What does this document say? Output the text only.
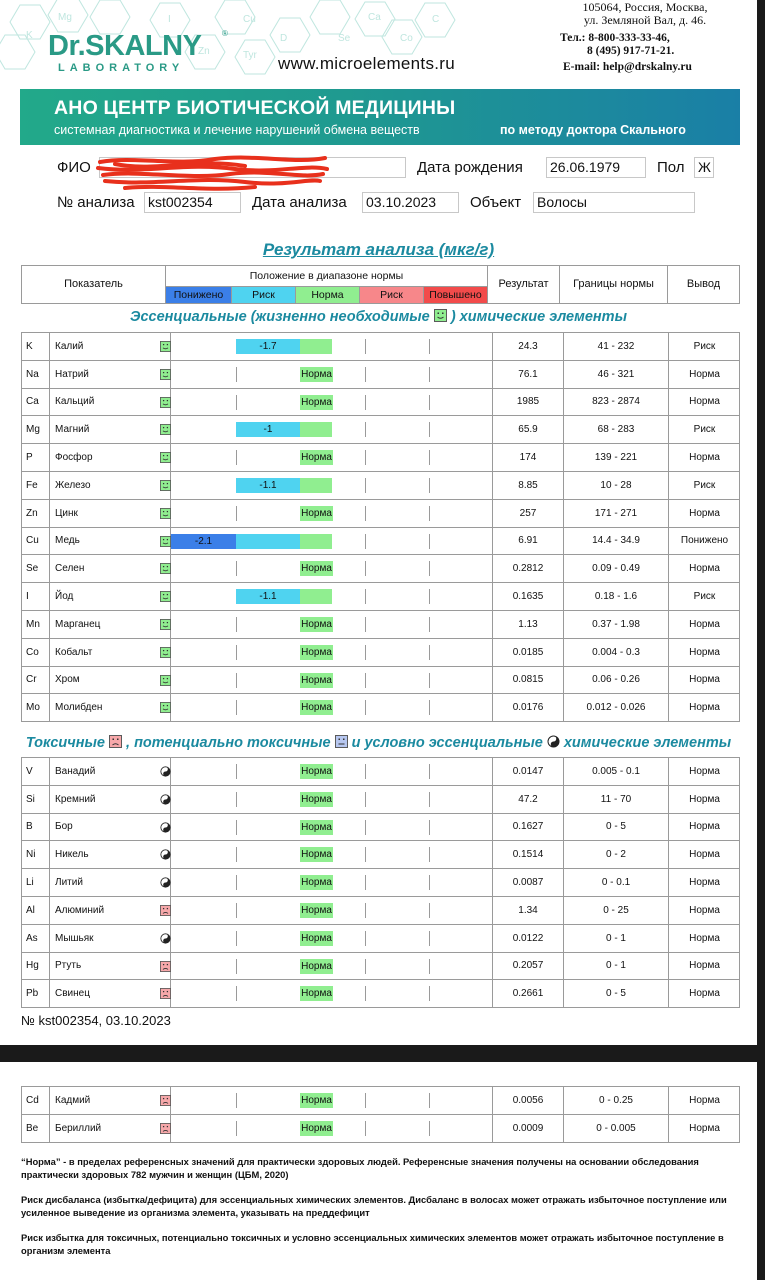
Mg	I	Cu
K
Tyr
Se
Ca
Co
Zn
D
C
Dr.SKALNY	®
LABORATORY	www.microelements.ru
105064, Россия, Москва,
ул. Земляной Вал, д. 46.
Тел.: 8-800-333-33-46,
8 (495) 917-71-21.
E-mail: help@drskalny.ru
АНО ЦЕНТР БИОТИЧЕСКОЙ МЕДИЦИНЫ
системная диагностика и лечение нарушений обмена веществ	по методу доктора Скального
ФИО	Дата рождения 26.06.1979	Пол Ж
№ анализа kst002354	Дата анализа 03.10.2023	Объект Волосы
Результат анализа (мкг/г)
Показатель
Положение в диапазоне нормы
Понижено	Риск	Норма	Риск	Повышено
Результат	Границы нормы	Вывод
Эссенциальные (жизненно необходимые ) химические элементы
K	Калий	-1.7	24.3	41 - 232	Риск
Na	Натрий	Норма	76.1	46 - 321	Норма
Ca	Кальций	Норма	1985	823 - 2874	Норма
Mg	Магний	-1	65.9	68 - 283	Риск
P	Фосфор	Норма	174	139 - 221	Норма
Fe	Железо	-1.1	8.85	10 - 28	Риск
Zn	Цинк	Норма	257	171 - 271	Норма
Cu	Медь	-2.1	6.91	14.4 - 34.9	Понижено
Se	Селен	Норма	0.2812	0.09 - 0.49	Норма
I	Йод	-1.1	0.1635	0.18 - 1.6	Риск
Mn	Марганец	Норма	1.13	0.37 - 1.98	Норма
Co	Кобальт	Норма	0.0185	0.004 - 0.3	Норма
Cr	Хром	Норма	0.0815	0.06 - 0.26	Норма
Mo	Молибден	Норма	0.0176	0.012 - 0.026	Норма
Токсичные , потенциально токсичные и условно эссенциальные химические элементы
V	Ванадий	Норма	0.0147	0.005 - 0.1	Норма
Si	Кремний	Норма	47.2	11 - 70	Норма
B	Бор	Норма	0.1627	0 - 5	Норма
Ni	Никель	Норма	0.1514	0 - 2	Норма
Li	Литий	Норма	0.0087	0 - 0.1	Норма
Al	Алюминий	Норма	1.34	0 - 25	Норма
As	Мышьяк	Норма	0.0122	0 - 1	Норма
Hg	Ртуть	Норма	0.2057	0 - 1	Норма
Pb	Свинец	Норма	0.2661	0 - 5	Норма
№ kst002354, 03.10.2023
Cd	Кадмий	Норма	0.0056	0 - 0.25	Норма
Be	Бериллий	Норма	0.0009	0 - 0.005	Норма
“Норма” - в пределах референсных значений для практически здоровых людей. Референсные значения получены на основании обследования практически здоровых 782 мужчин и женщин (ЦБМ, 2020)
Риск дисбаланса (избытка/дефицита) для эссенциальных химических элементов. Дисбаланс в волосах может отражать избыточное поступление или усиленное выведение из организма элемента, указывать на преддефицит
Риск избытка для токсичных, потенциально токсичных и условно эссенциальных химических элементов может отражать избыточное поступление в организм элемента
